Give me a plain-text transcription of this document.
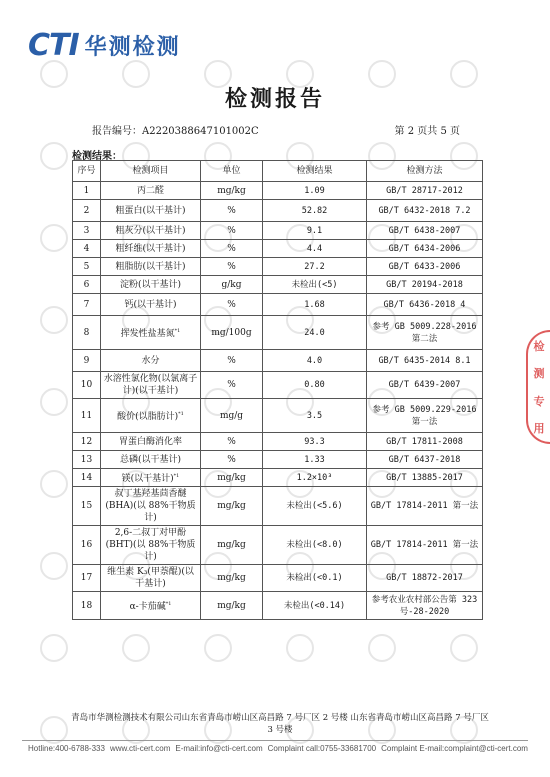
CTI 华测检测
检测报告
报告编号：A2220388647101002C	第 2 页共 5 页
检测结果：
序号	检测项目	单位	检测结果	检测方法
1	丙二醛	mg/kg	1.09	GB/T 28717-2012
2	粗蛋白(以干基计)	%	52.82	GB/T 6432-2018 7.2
3	粗灰分(以干基计)	%	9.1	GB/T 6438-2007
4	粗纤维(以干基计)	%	4.4	GB/T 6434-2006
5	粗脂肪(以干基计)	%	27.2	GB/T 6433-2006
6	淀粉(以干基计)	g/kg	未检出(<5)	GB/T 20194-2018
7	钙(以干基计)	%	1.68	GB/T 6436-2018 4
8	挥发性盐基氮$^{*1}$	mg/100g	24.0	参考 GB 5009.228-2016 第二法
9	水分	%	4.0	GB/T 6435-2014 8.1
10	水溶性氯化物(以氯离子计)(以干基计)	%	0.80	GB/T 6439-2007
11	酸价(以脂肪计)$^{*1}$	mg/g	3.5	参考 GB 5009.229-2016 第一法
12	胃蛋白酶消化率	%	93.3	GB/T 17811-2008
13	总磷(以干基计)	%	1.33	GB/T 6437-2018
14	镁(以干基计)$^{*1}$	mg/kg	1.2×10³	GB/T 13885-2017
15	叔丁基羟基茴香醚(BHA)(以 88%干物质计)	mg/kg	未检出(<5.6)	GB/T 17814-2011 第一法
16	2,6-二叔丁对甲酚(BHT)(以 88%干物质计)	mg/kg	未检出(<8.0)	GB/T 17814-2011 第一法
17	维生素 K₃(甲萘醌)(以干基计)	mg/kg	未检出(<0.1)	GB/T 18872-2017
18	α-卡茄碱$^{*1}$	mg/kg	未检出(<0.14)	参考农业农村部公告第 323 号-28-2020
检
测
专
用
青岛市华测检测技术有限公司山东省青岛市崂山区高昌路 7 号厂区 2 号楼 山东省青岛市崂山区高昌路 7 号厂区 3 号楼
Hotline:400-6788-333 www.cti-cert.com E-mail:info@cti-cert.com Complaint call:0755-33681700 Complaint E-mail:complaint@cti-cert.com
